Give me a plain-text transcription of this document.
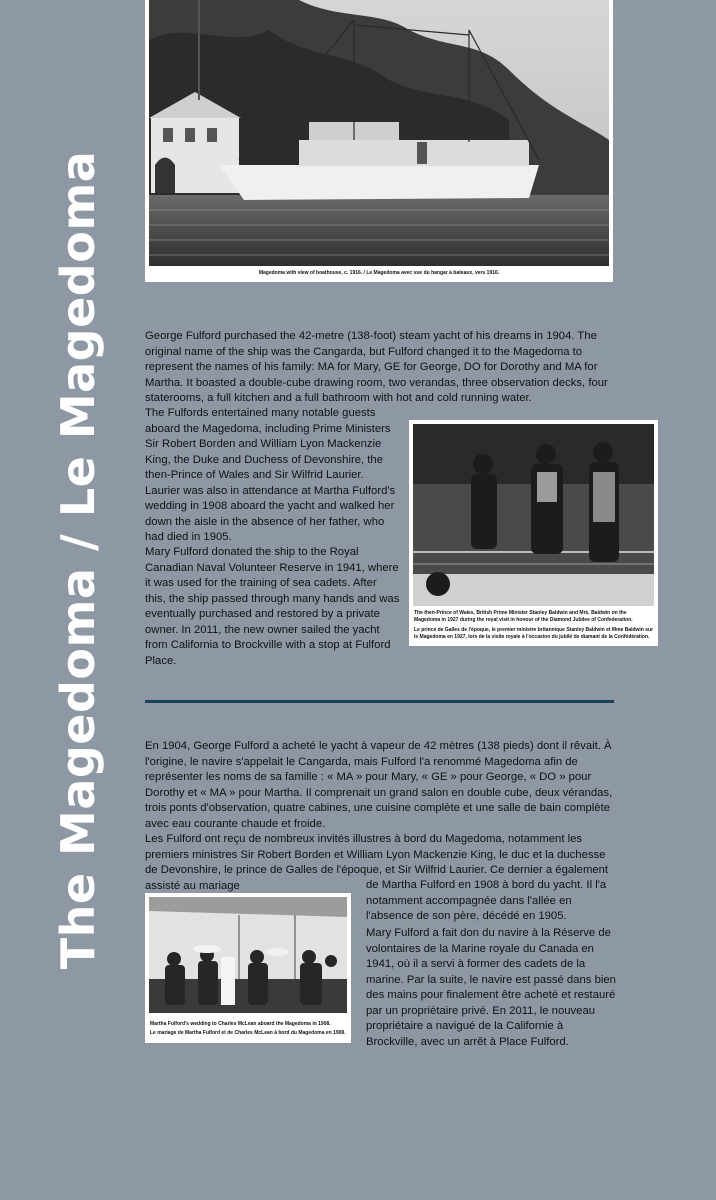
The Magedoma / Le Magedoma	Magedoma with view of boathouse, c. 1916. / Le Magedoma avec vue du hangar à bateaux, vers 1916.

George Fulford purchased the 42-metre (138-foot) steam yacht of his dreams in 1904. The original name of the ship was the Cangarda, but Fulford changed it to the Magedoma to represent the names of his family: MA for Mary, GE for George, DO for Dorothy and MA for Martha. It boasted a double-cube drawing room, two verandas, three observation decks, four staterooms, a full kitchen and a full bathroom with hot and cold running water.

The Fulfords entertained many notable guests aboard the Magedoma, including Prime Ministers Sir Robert Borden and William Lyon Mackenzie King, the Duke and Duchess of Devonshire, the then-Prince of Wales and Sir Wilfrid Laurier. Laurier was also in attendance at Martha Fulford's wedding in 1908 aboard the yacht and walked her down the aisle in the absence of her father, who had died in 1905.

Mary Fulford donated the ship to the Royal Canadian Naval Volunteer Reserve in 1941, where it was used for the training of sea cadets. After this, the ship passed through many hands and was eventually purchased and restored by a private owner. In 2011, the new owner sailed the yacht from California to Brockville with a stop at Fulford Place.

The then-Prince of Wales, British Prime Minister Stanley Baldwin and Mrs. Baldwin on the Magedoma in 1927 during the royal visit in honour of the Diamond Jubilee of Confederation.
Le prince de Galles de l'époque, le premier ministre britannique Stanley Baldwin et Mme Baldwin sur le Magedoma en 1927, lors de la visite royale à l'occasion du jubilé de diamant de la Confédération.

En 1904, George Fulford a acheté le yacht à vapeur de 42 mètres (138 pieds) dont il rêvait. À l'origine, le navire s'appelait le Cangarda, mais Fulford l'a renommé Magedoma afin de représenter les noms de sa famille : « MA » pour Mary, « GE » pour George, « DO » pour Dorothy et « MA » pour Martha. Il comprenait un grand salon en double cube, deux vérandas, trois ponts d'observation, quatre cabines, une cuisine complète et une salle de bain complète avec eau courante chaude et froide.

Les Fulford ont reçu de nombreux invités illustres à bord du Magedoma, notamment les premiers ministres Sir Robert Borden et William Lyon Mackenzie King, le duc et la duchesse de Devonshire, le prince de Galles de l'époque, et Sir Wilfrid Laurier. Ce dernier a également assisté au mariage	de Martha Fulford en 1908 à bord du yacht. Il l'a notamment accompagnée dans l'allée en l'absence de son père, décédé en 1905.

Mary Fulford a fait don du navire à la Réserve de volontaires de la Marine royale du Canada en 1941, où il a servi à former des cadets de la marine. Par la suite, le navire est passé dans bien des mains pour finalement être acheté et restauré par un propriétaire privé. En 2011, le nouveau propriétaire a navigué de la Californie à Brockville, avec un arrêt à Place Fulford.

Martha Fulford's wedding to Charles McLean aboard the Magedoma in 1908.
Le mariage de Martha Fulford et de Charles McLean à bord du Magedoma en 1908.
